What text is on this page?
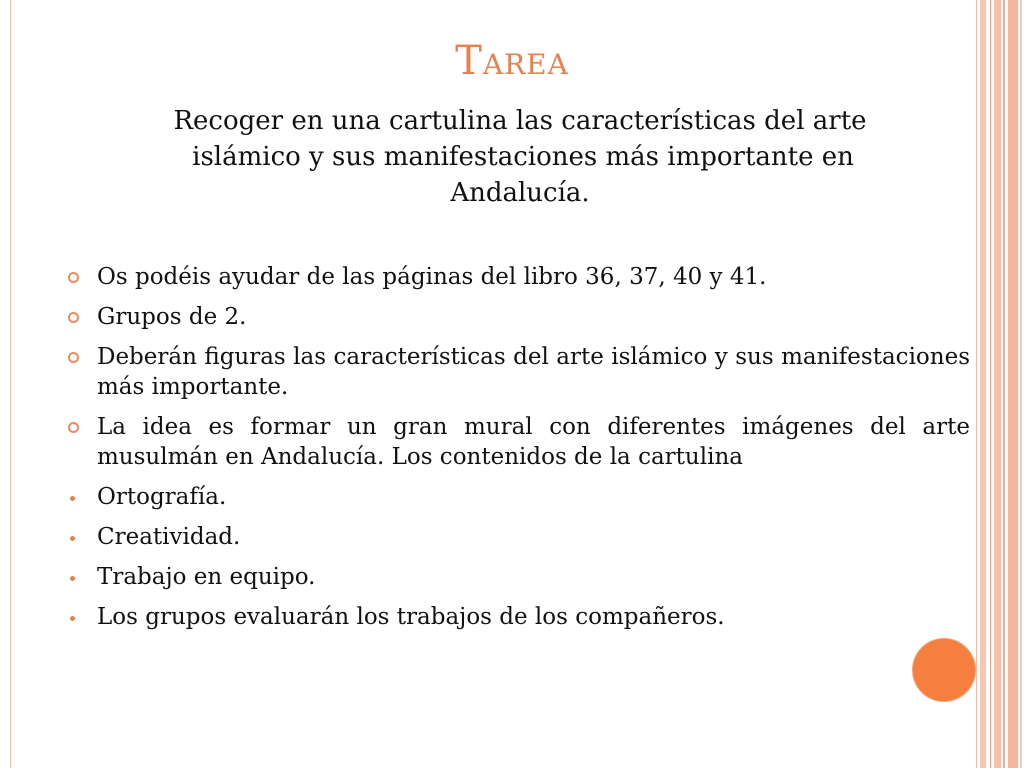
Tarea
Recoger en una cartulina las características del arte
islámico y sus manifestaciones más importante en
Andalucía.
Os podéis ayudar de las páginas del libro 36, 37, 40 y 41.
Grupos de 2.
Deberán figuras las características del arte islámico y sus manifestaciones más importante.
La idea es formar un gran mural con diferentes imágenes del arte musulmán en Andalucía. Los contenidos de la cartulina
Ortografía.
Creatividad.
Trabajo en equipo.
Los grupos evaluarán los trabajos de los compañeros.
